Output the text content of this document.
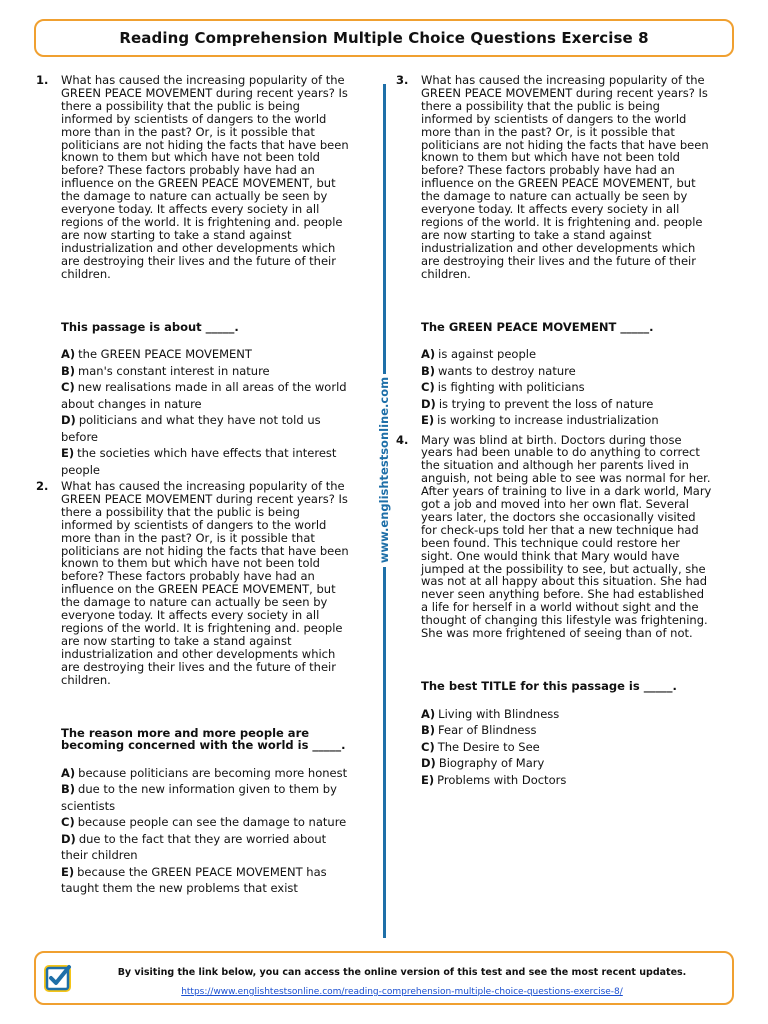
Reading Comprehension Multiple Choice Questions Exercise 8
1. What has caused the increasing popularity of the GREEN PEACE MOVEMENT during recent years? Is there a possibility that the public is being informed by scientists of dangers to the world more than in the past? Or, is it possible that politicians are not hiding the facts that have been known to them but which have not been told before? These factors probably have had an influence on the GREEN PEACE MOVEMENT, but the damage to nature can actually be seen by everyone today. It affects every society in all regions of the world. It is frightening and. people are now starting to take a stand against industrialization and other developments which are destroying their lives and the future of their children.

This passage is about _____.

A) the GREEN PEACE MOVEMENT
B) man's constant interest in nature
C) new realisations made in all areas of the world about changes in nature
D) politicians and what they have not told us before
E) the societies which have effects that interest people
2. What has caused the increasing popularity of the GREEN PEACE MOVEMENT during recent years? Is there a possibility that the public is being informed by scientists of dangers to the world more than in the past? Or, is it possible that politicians are not hiding the facts that have been known to them but which have not been told before? These factors probably have had an influence on the GREEN PEACE MOVEMENT, but the damage to nature can actually be seen by everyone today. It affects every society in all regions of the world. It is frightening and. people are now starting to take a stand against industrialization and other developments which are destroying their lives and the future of their children.

The reason more and more people are becoming concerned with the world is _____.

A) because politicians are becoming more honest
B) due to the new information given to them by scientists
C) because people can see the damage to nature
D) due to the fact that they are worried about their children
E) because the GREEN PEACE MOVEMENT has taught them the new problems that exist
www.englishtestsonline.com
3. What has caused the increasing popularity of the GREEN PEACE MOVEMENT during recent years? Is there a possibility that the public is being informed by scientists of dangers to the world more than in the past? Or, is it possible that politicians are not hiding the facts that have been known to them but which have not been told before? These factors probably have had an influence on the GREEN PEACE MOVEMENT, but the damage to nature can actually be seen by everyone today. It affects every society in all regions of the world. It is frightening and. people are now starting to take a stand against industrialization and other developments which are destroying their lives and the future of their children.

The GREEN PEACE MOVEMENT _____.

A) is against people
B) wants to destroy nature
C) is fighting with politicians
D) is trying to prevent the loss of nature
E) is working to increase industrialization
4. Mary was blind at birth. Doctors during those years had been unable to do anything to correct the situation and although her parents lived in anguish, not being able to see was normal for her. After years of training to live in a dark world, Mary got a job and moved into her own flat. Several years later, the doctors she occasionally visited for check-ups told her that a new technique had been found. This technique could restore her sight. One would think that Mary would have jumped at the possibility to see, but actually, she was not at all happy about this situation. She had never seen anything before. She had established a life for herself in a world without sight and the thought of changing this lifestyle was frightening. She was more frightened of seeing than of not.

The best TITLE for this passage is _____.

A) Living with Blindness
B) Fear of Blindness
C) The Desire to See
D) Biography of Mary
E) Problems with Doctors
By visiting the link below, you can access the online version of this test and see the most recent updates.
https://www.englishtestsonline.com/reading-comprehension-multiple-choice-questions-exercise-8/
